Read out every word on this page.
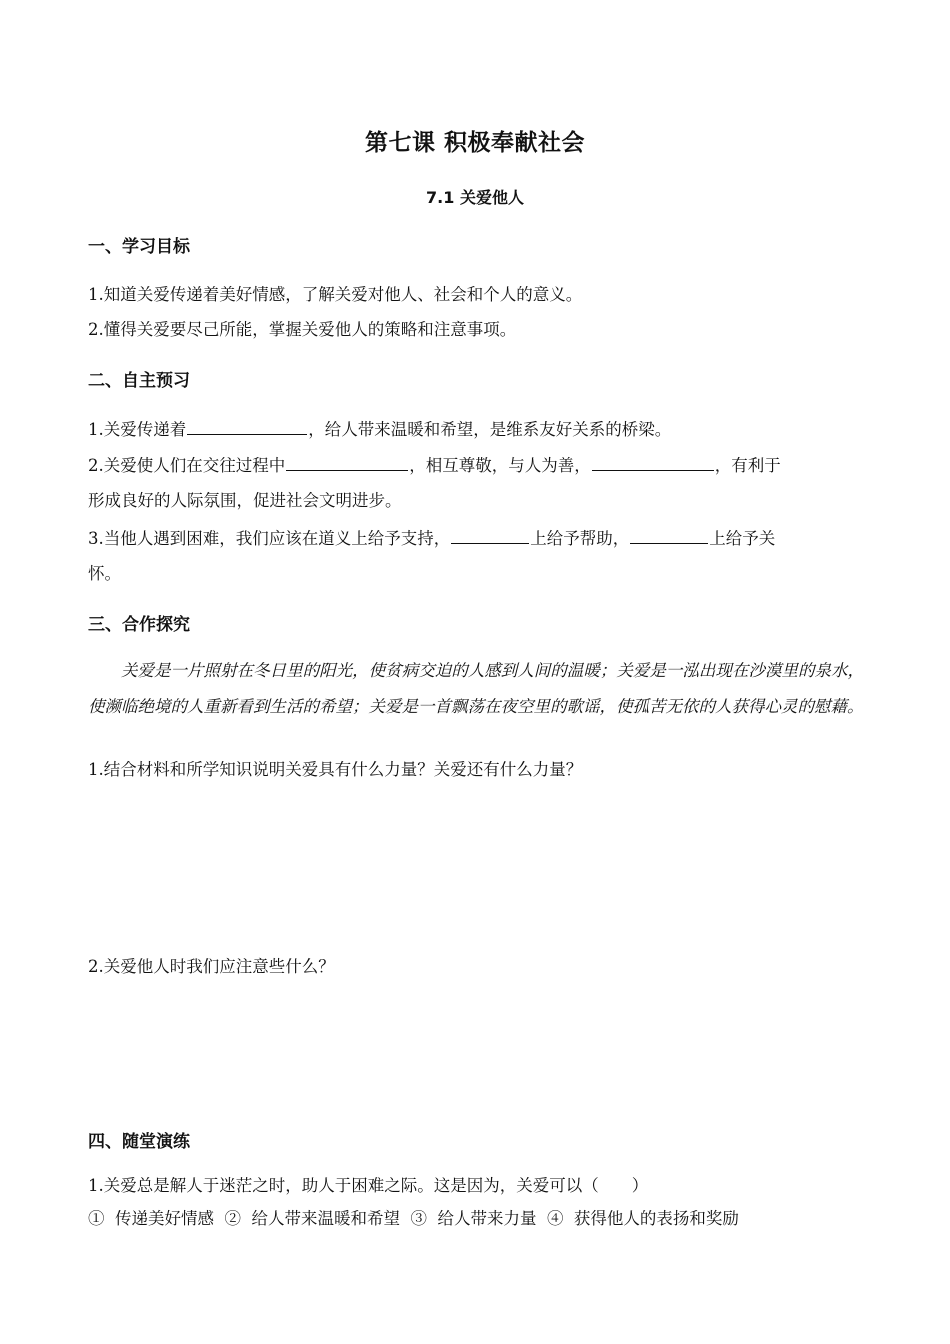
第七课 积极奉献社会
7.1 关爱他人
一、学习目标
1.知道关爱传递着美好情感，了解关爱对他人、社会和个人的意义。
2.懂得关爱要尽己所能，掌握关爱他人的策略和注意事项。
二、自主预习
1.关爱传递着	，给人带来温暖和希望，是维系友好关系的桥梁。
2.关爱使人们在交往过程中	，相互尊敬，与人为善，	，有利于
形成良好的人际氛围，促进社会文明进步。
3.当他人遇到困难，我们应该在道义上给予支持，	上给予帮助，	上给予关
怀。
三、合作探究
关爱是一片照射在冬日里的阳光，使贫病交迫的人感到人间的温暖；关爱是一泓出现在沙漠里的泉水，使濒临绝境的人重新看到生活的希望；关爱是一首飘荡在夜空里的歌谣，使孤苦无依的人获得心灵的慰藉。
1.结合材料和所学知识说明关爱具有什么力量？关爱还有什么力量？
2.关爱他人时我们应注意些什么？
四、随堂演练
1.关爱总是解人于迷茫之时，助人于困难之际。这是因为，关爱可以（　　）
①  传递美好情感  ②  给人带来温暖和希望  ③  给人带来力量  ④  获得他人的表扬和奖励
